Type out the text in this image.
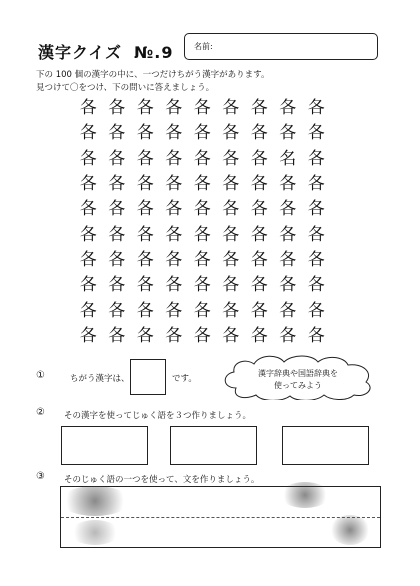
漢字クイズ №.9	名前:
下の 100 個の漢字の中に、一つだけちがう漢字があります。
見つけて〇をつけ、下の問いに答えましょう。
各 各 各 各 各 各 各 各 各
各 各 各 各 各 各 各 各 各
各 各 各 各 各 各 各 名 各
各 各 各 各 各 各 各 各 各
各 各 各 各 各 各 各 各 各
各 各 各 各 各 各 各 各 各
各 各 各 各 各 各 各 各 各
各 各 各 各 各 各 各 各 各
各 各 各 各 各 各 各 各 各
各 各 各 各 各 各 各 各 各
①	ちがう漢字は、	です。
漢字辞典や国語辞典を
使ってみよう
② その漢字を使ってじゅく語を３つ作りましょう。
③ そのじゅく語の一つを使って、文を作りましょう。
